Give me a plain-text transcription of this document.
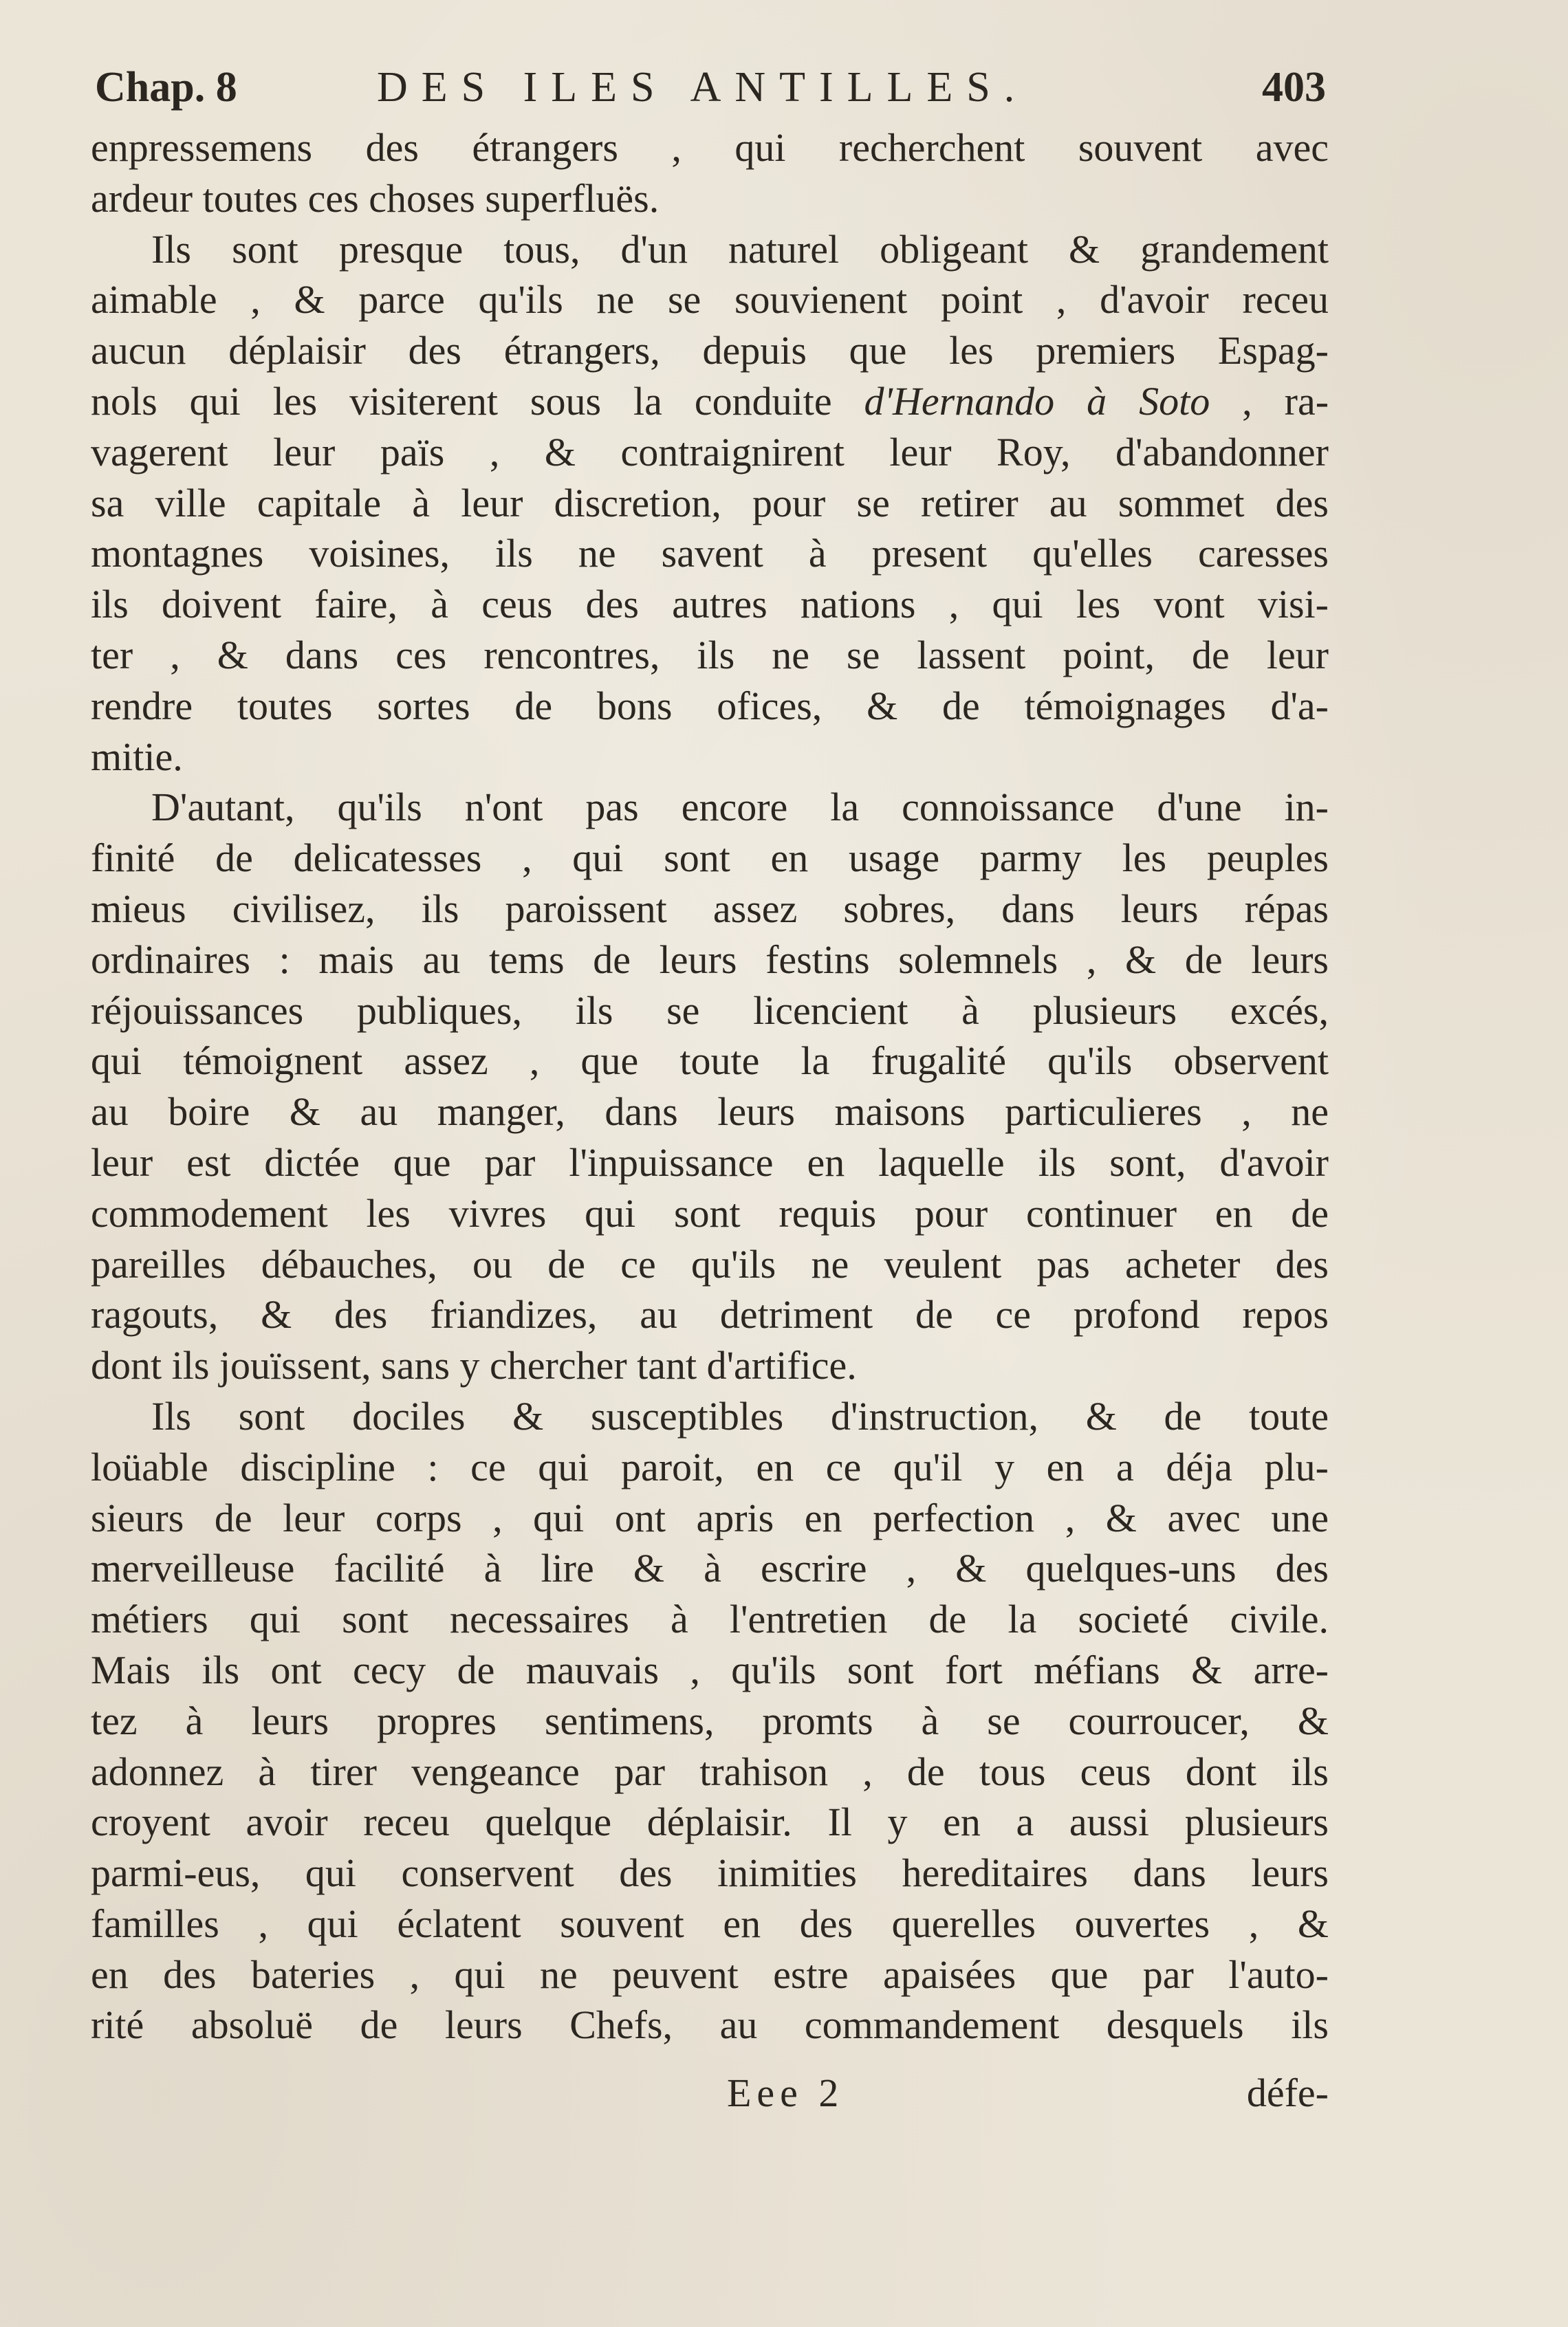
Chap. 8	DES ILES ANTILLES.	403
enpressemens des étrangers , qui recherchent souvent avec
ardeur toutes ces choses superfluës.
Ils sont presque tous, d'un naturel obligeant & grandement
aimable , & parce qu'ils ne se souvienent point , d'avoir receu
aucun déplaisir des étrangers, depuis que les premiers Espag-
nols qui les visiterent sous la conduite d'Hernando à Soto , ra-
vagerent leur païs , & contraignirent leur Roy, d'abandonner
sa ville capitale à leur discretion, pour se retirer au sommet des
montagnes voisines, ils ne savent à present qu'elles caresses
ils doivent faire, à ceus des autres nations , qui les vont visi-
ter , & dans ces rencontres, ils ne se lassent point, de leur
rendre toutes sortes de bons ofices, & de témoignages d'a-
mitie.
D'autant, qu'ils n'ont pas encore la connoissance d'une in-
finité de delicatesses , qui sont en usage parmy les peuples
mieus civilisez, ils paroissent assez sobres, dans leurs répas
ordinaires : mais au tems de leurs festins solemnels , & de leurs
réjouissances publiques, ils se licencient à plusieurs excés,
qui témoignent assez , que toute la frugalité qu'ils observent
au boire & au manger, dans leurs maisons particulieres , ne
leur est dictée que par l'inpuissance en laquelle ils sont, d'avoir
commodement les vivres qui sont requis pour continuer en de
pareilles débauches, ou de ce qu'ils ne veulent pas acheter des
ragouts, & des friandizes, au detriment de ce profond repos
dont ils jouïssent, sans y chercher tant d'artifice.
Ils sont dociles & susceptibles d'instruction, & de toute
loüable discipline : ce qui paroit, en ce qu'il y en a déja plu-
sieurs de leur corps , qui ont apris en perfection , & avec une
merveilleuse facilité à lire & à escrire , & quelques-uns des
métiers qui sont necessaires à l'entretien de la societé civile.
Mais ils ont cecy de mauvais , qu'ils sont fort méfians & arre-
tez à leurs propres sentimens, promts à se courroucer, &
adonnez à tirer vengeance par trahison , de tous ceus dont ils
croyent avoir receu quelque déplaisir. Il y en a aussi plusieurs
parmi-eus, qui conservent des inimities hereditaires dans leurs
familles , qui éclatent souvent en des querelles ouvertes , &
en des bateries , qui ne peuvent estre apaisées que par l'auto-
rité absoluë de leurs Chefs, au commandement desquels ils
Eee 2	défe-
